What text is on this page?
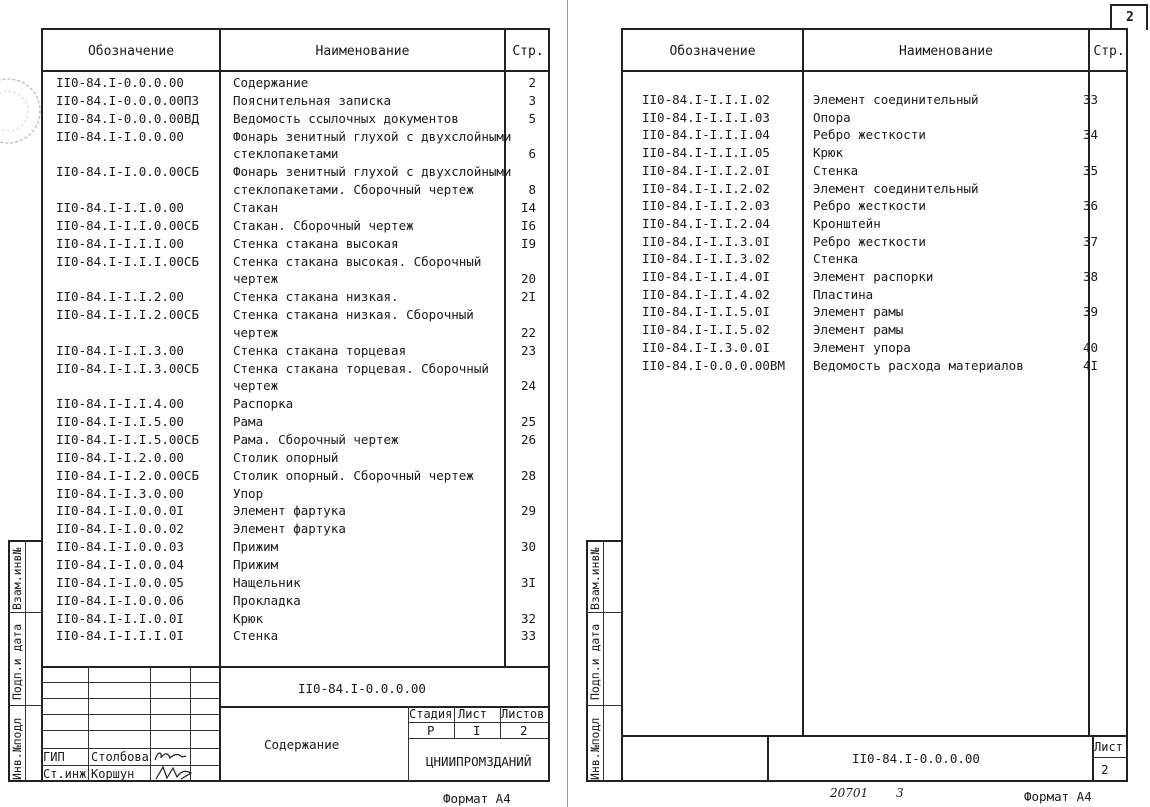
Обозначение	Наименование	Стр.
II0-84.I-0.0.0.00	Содержание	2
II0-84.I-0.0.0.00ПЗ	Пояснительная записка	3
II0-84.I-0.0.0.00ВД	Ведомость ссылочных документов	5
II0-84.I-I.0.0.00	Фонарь зенитный глухой с двухслойными
стеклопакетами	6
II0-84.I-I.0.0.00СБ	Фонарь зенитный глухой с двухслойными
стеклопакетами. Сборочный чертеж	8
II0-84.I-I.I.0.00	Стакан	I4
II0-84.I-I.I.0.00СБ	Стакан. Сборочный чертеж	I6
II0-84.I-I.I.I.00	Стенка стакана высокая	I9
II0-84.I-I.I.I.00СБ	Стенка стакана высокая. Сборочный
чертеж	20
II0-84.I-I.I.2.00	Стенка стакана низкая.	2I
II0-84.I-I.I.2.00СБ	Стенка стакана низкая. Сборочный
чертеж	22
II0-84.I-I.I.3.00	Стенка стакана торцевая	23
II0-84.I-I.I.3.00СБ	Стенка стакана торцевая. Сборочный
чертеж	24
II0-84.I-I.I.4.00	Распорка
II0-84.I-I.I.5.00	Рама	25
II0-84.I-I.I.5.00СБ	Рама. Сборочный чертеж	26
II0-84.I-I.2.0.00	Столик опорный
II0-84.I-I.2.0.00СБ	Столик опорный. Сборочный чертеж	28
II0-84.I-I.3.0.00	Упор
II0-84.I-I.0.0.0I	Элемент фартука	29
II0-84.I-I.0.0.02	Элемент фартука
II0-84.I-I.0.0.03	Прижим	30
II0-84.I-I.0.0.04	Прижим
II0-84.I-I.0.0.05	Нащельник	3I
II0-84.I-I.0.0.06	Прокладка
II0-84.I-I.I.0.0I	Крюк	32
II0-84.I-I.I.I.0I	Стенка	33
Инв.№подл
Подп.и дата
Взам.инв№
II0-84.I-0.0.0.00
Содержание
Стадия Лист Листов
Р	I	2
ЦНИИПРОМЗДАНИЙ
ГИП Столбова
Ст.инж Коршун
Формат А4
2
Обозначение	Наименование	Стр.
II0-84.I-I.I.I.02	Элемент соединительный	33
II0-84.I-I.I.I.03	Опора
II0-84.I-I.I.I.04	Ребро жесткости	34
II0-84.I-I.I.I.05	Крюк
II0-84.I-I.I.2.0I	Стенка	35
II0-84.I-I.I.2.02	Элемент соединительный
II0-84.I-I.I.2.03	Ребро жесткости	36
II0-84.I-I.I.2.04	Кронштейн
II0-84.I-I.I.3.0I	Ребро жесткости	37
II0-84.I-I.I.3.02	Стенка
II0-84.I-I.I.4.0I	Элемент распорки	38
II0-84.I-I.I.4.02	Пластина
II0-84.I-I.I.5.0I	Элемент рамы	39
II0-84.I-I.I.5.02	Элемент рамы
II0-84.I-I.3.0.0I	Элемент упора	40
II0-84.I-0.0.0.00ВМ Ведомость расхода материалов	4I
Инв.№подл
Подп.и дата
Взам.инв№
II0-84.I-0.0.0.00
Лист
2
20701 3	Формат А4
